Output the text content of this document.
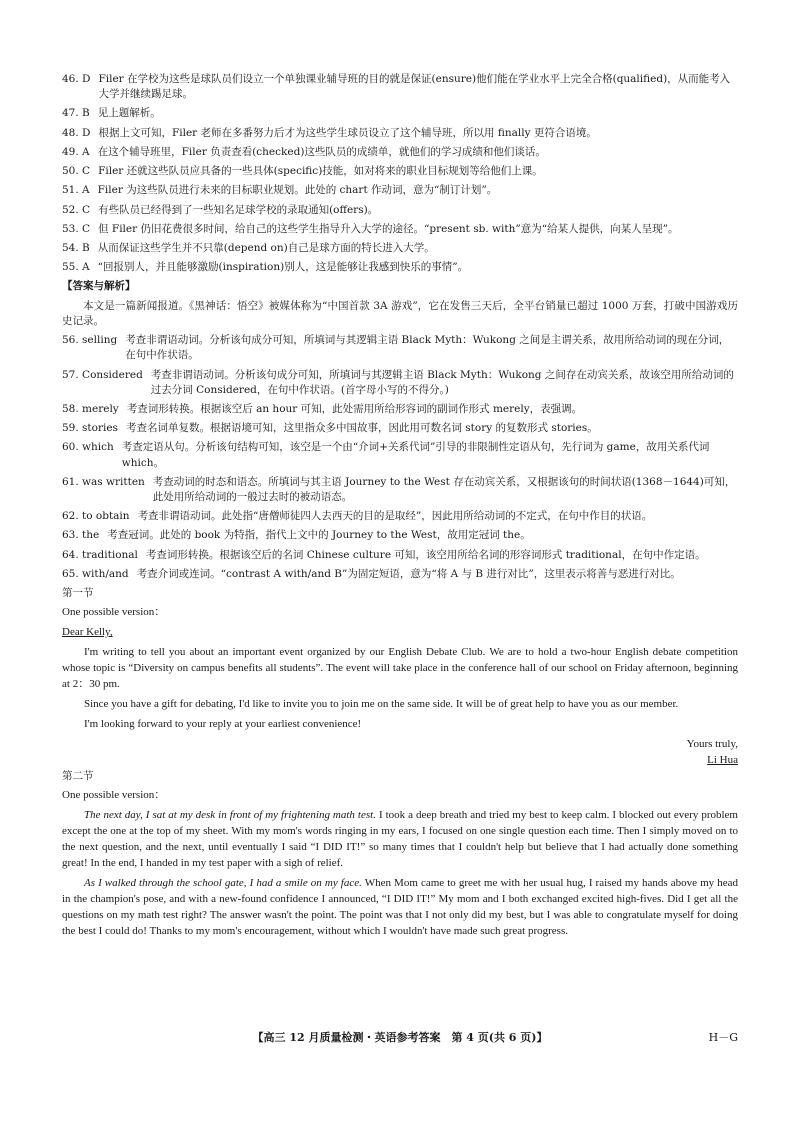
46. D Filer 在学校为这些是球队员们设立一个单独课业辅导班的目的就是保证(ensure)他们能在学业水平上完全合格(qualified)，从而能考入大学并继续踢足球。
47. B 见上题解析。
48. D 根据上文可知，Filer 老师在多番努力后才为这些学生球员设立了这个辅导班，所以用 finally 更符合语境。
49. A 在这个辅导班里，Filer 负责查看(checked)这些队员的成绩单，就他们的学习成绩和他们谈话。
50. C Filer 还就这些队员应具备的一些具体(specific)技能，如对将来的职业目标规划等给他们上课。
51. A Filer 为这些队员进行未来的目标职业规划。此处的 chart 作动词，意为“制订计划”。
52. C 有些队员已经得到了一些知名足球学校的录取通知(offers)。
53. C 但 Filer 仍旧花费很多时间，给自己的这些学生指导升入大学的途径。“present sb. with”意为“给某人提供，向某人呈现”。
54. B 从而保证这些学生并不只靠(depend on)自己是球方面的特长进入大学。
55. A “回报别人，并且能够激励(inspiration)别人，这是能够让我感到快乐的事情”。
【答案与解析】
本文是一篇新闻报道。《黑神话：悟空》被媒体称为“中国首款 3A 游戏”，它在发售三天后，全平台销量已超过 1000 万套，打破中国游戏历史记录。
56. selling 考查非谓语动词。分析该句成分可知，所填词与其逻辑主语 Black Myth：Wukong 之间是主谓关系，故用所给动词的现在分词，在句中作状语。
57. Considered 考查非谓语动词。分析该句成分可知，所填词与其逻辑主语 Black Myth：Wukong 之间存在动宾关系，故该空用所给动词的过去分词 Considered，在句中作状语。(首字母小写的不得分。)
58. merely 考查词形转换。根据该空后 an hour 可知，此处需用所给形容词的副词作形式 merely，表强调。
59. stories 考查名词单复数。根据语境可知，这里指众多中国故事，因此用可数名词 story 的复数形式 stories。
60. which 考查定语从句。分析该句结构可知，该空是一个由“介词+关系代词”引导的非限制性定语从句，先行词为 game，故用关系代词 which。
61. was written 考查动词的时态和语态。所填词与其主语 Journey to the West 存在动宾关系，又根据该句的时间状语(1368－1644)可知，此处用所给动词的一般过去时的被动语态。
62. to obtain 考查非谓语动词。此处指“唐僧师徒四人去西天的目的是取经”，因此用所给动词的不定式，在句中作目的状语。
63. the 考查冠词。此处的 book 为特指，指代上文中的 Journey to the West，故用定冠词 the。
64. traditional 考查词形转换。根据该空后的名词 Chinese culture 可知，该空用所给名词的形容词形式 traditional，在句中作定语。
65. with/and 考查介词或连词。“contrast A with/and B”为固定短语，意为“将 A 与 B 进行对比”，这里表示将善与恶进行对比。
第一节
One possible version：
Dear Kelly,
I'm writing to tell you about an important event organized by our English Debate Club. We are to hold a two-hour English debate competition whose topic is “Diversity on campus benefits all students”. The event will take place in the conference hall of our school on Friday afternoon, beginning at 2：30 pm.
Since you have a gift for debating, I'd like to invite you to join me on the same side. It will be of great help to have you as our member.
I'm looking forward to your reply at your earliest convenience!
Yours truly,
Li Hua
第二节
One possible version：
The next day, I sat at my desk in front of my frightening math test. I took a deep breath and tried my best to keep calm. I blocked out every problem except the one at the top of my sheet. With my mom's words ringing in my ears, I focused on one single question each time. Then I simply moved on to the next question, and the next, until eventually I said “I DID IT!” so many times that I couldn't help but believe that I had actually done something great! In the end, I handed in my test paper with a sigh of relief.
As I walked through the school gate, I had a smile on my face. When Mom came to greet me with her usual hug, I raised my hands above my head in the champion's pose, and with a new-found confidence I announced, “I DID IT!” My mom and I both exchanged excited high-fives. Did I get all the questions on my math test right? The answer wasn't the point. The point was that I not only did my best, but I was able to congratulate myself for doing the best I could do! Thanks to my mom's encouragement, without which I wouldn't have made such great progress.
【高三 12 月质量检测・英语参考答案　第 4 页(共 6 页)】	H－G
